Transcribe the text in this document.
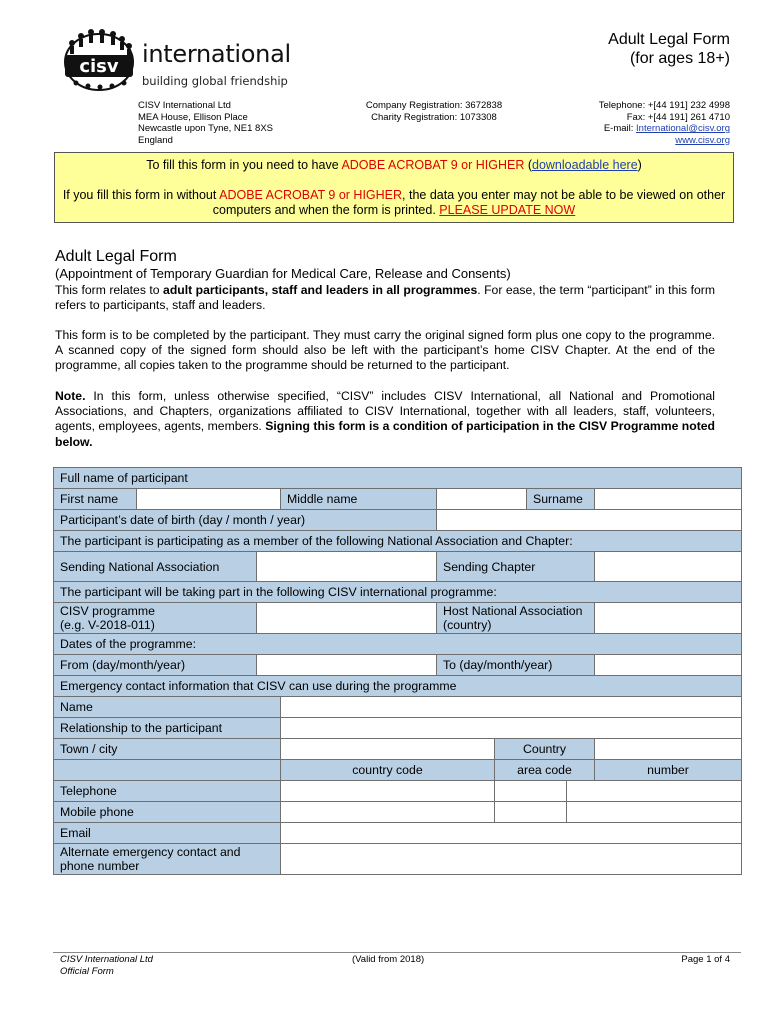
cisv international
building global friendship
Adult Legal Form
(for ages 18+)
CISV International Ltd
MEA House, Ellison Place
Newcastle upon Tyne, NE1 8XS
England
Company Registration: 3672838
Charity Registration: 1073308
Telephone: +[44 191] 232 4998
Fax: +[44 191] 261 4710
E-mail: International@cisv.org
www.cisv.org

To fill this form in you need to have ADOBE ACROBAT 9 or HIGHER (downloadable here)

If you fill this form in without ADOBE ACROBAT 9 or HIGHER, the data you enter may not be able to be viewed on other computers and when the form is printed. PLEASE UPDATE NOW

Adult Legal Form
(Appointment of Temporary Guardian for Medical Care, Release and Consents)
This form relates to adult participants, staff and leaders in all programmes. For ease, the term “participant” in this form refers to participants, staff and leaders.
This form is to be completed by the participant. They must carry the original signed form plus one copy to the programme. A scanned copy of the signed form should also be left with the participant’s home CISV Chapter. At the end of the programme, all copies taken to the programme should be returned to the participant.
Note. In this form, unless otherwise specified, “CISV” includes CISV International, all National and Promotional Associations, and Chapters, organizations affiliated to CISV International, together with all leaders, staff, volunteers, agents, employees, agents, members. Signing this form is a condition of participation in the CISV Programme noted below.
Full name of participant								
First name			Middle name			Surname		
Participant’s date of birth (day / month / year)								
The participant is participating as a member of the following National Association and Chapter:								
Sending National Association				Sending Chapter				
The participant will be taking part in the following CISV international programme:								

CISV programme
(e.g. V-2018-011)				Host National Association (country)				
Dates of the programme:								
From (day/month/year)				To (day/month/year)				
Emergency contact information that CISV can use during the programme								
Name								
Relationship to the participant								
Town / city					Country			
			country code		area code			number
Telephone								
Mobile phone								
Email								
Alternate emergency contact and phone number								
CISV International Ltd
Official Form
(Valid from 2018)	Page 1 of 4
